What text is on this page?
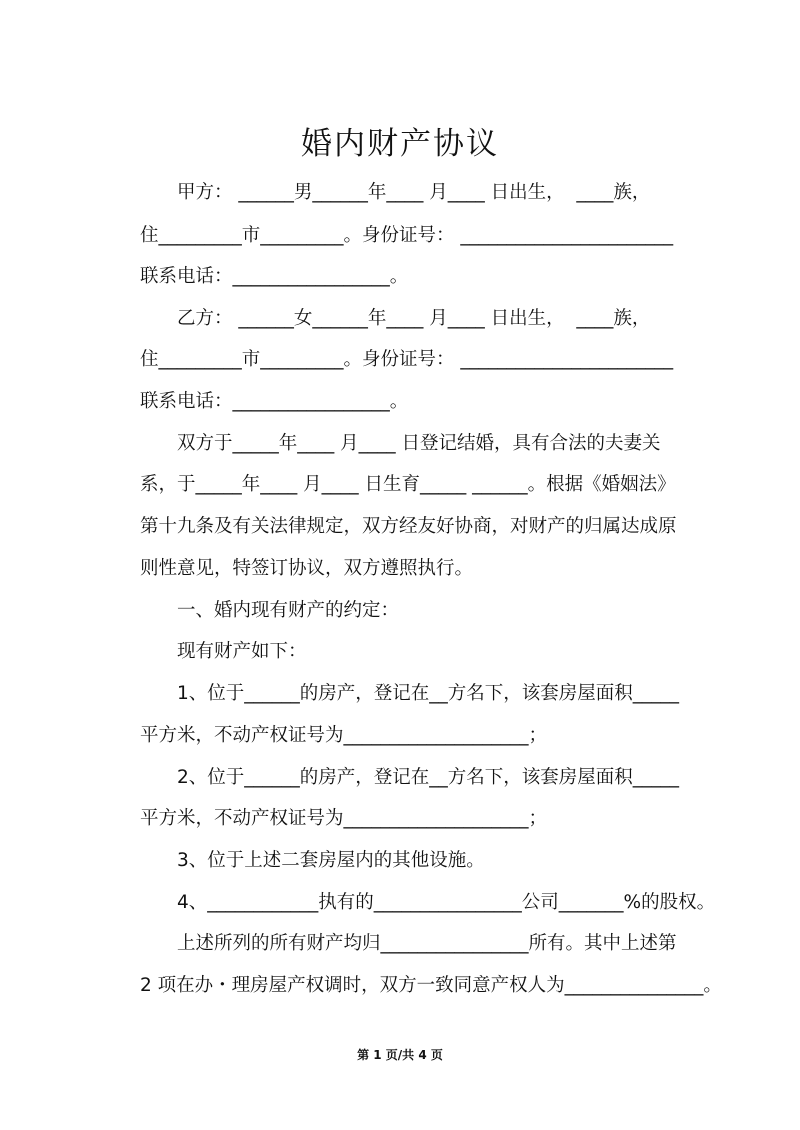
婚内财产协议
甲方： ______男______年____ 月____ 日出生，  ____族，
住_________市_________。身份证号： _______________________
联系电话：_________________。
乙方： ______女______年____ 月____ 日出生，  ____族，
住_________市_________。身份证号： _______________________
联系电话：_________________。
双方于_____年____ 月____ 日登记结婚，具有合法的夫妻关
系，于_____年____ 月____ 日生育_____ ______。根据《婚姻法》
第十九条及有关法律规定，双方经友好协商，对财产的归属达成原
则性意见，特签订协议，双方遵照执行。
一、婚内现有财产的约定：
现有财产如下：
1、位于______的房产，登记在__方名下，该套房屋面积_____
平方米，不动产权证号为____________________；
2、位于______的房产，登记在__方名下，该套房屋面积_____
平方米，不动产权证号为____________________；
3、位于上述二套房屋内的其他设施。
4、____________执有的________________公司_______%的股权。
上述所列的所有财产均归________________所有。其中上述第
2 项在办・理房屋产权调时，双方一致同意产权人为_______________。
第 1 页/共 4 页
